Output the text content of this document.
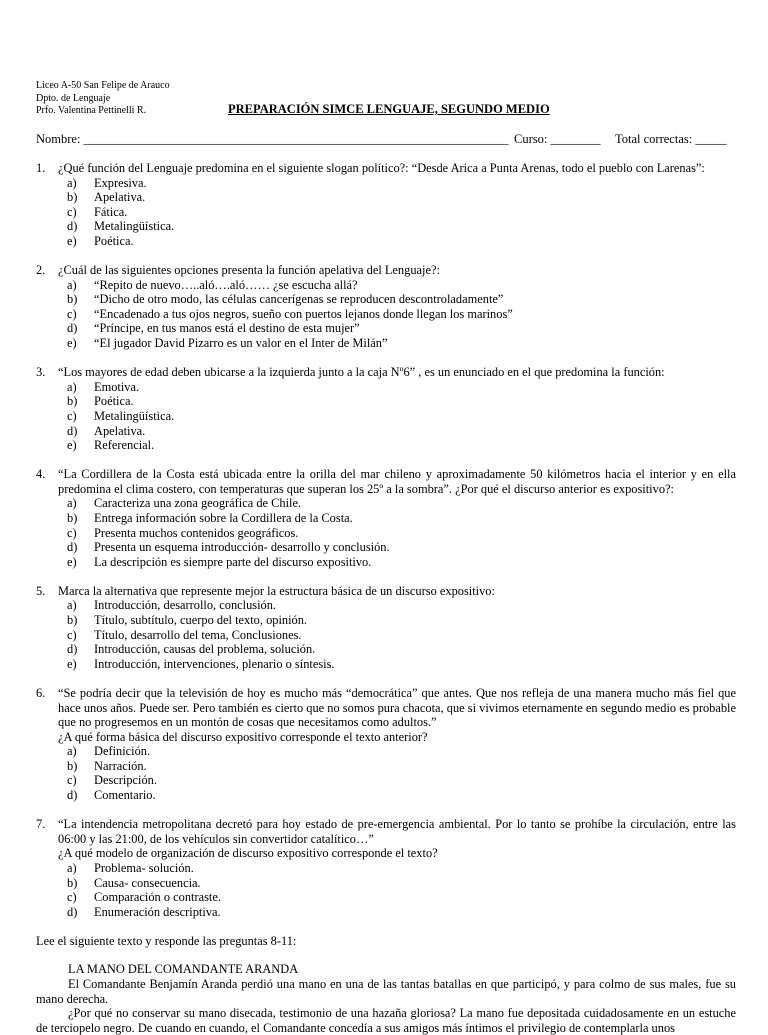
Liceo A-50 San Felipe de Arauco
Dpto. de Lenguaje
Prfo. Valentina Pettinelli R.	PREPARACIÓN SIMCE LENGUAJE, SEGUNDO MEDIO
Nombre: ____________________________________________________________________ Curso: ________ Total correctas: _____
1. ¿Qué función del Lenguaje predomina en el siguiente slogan político?: “Desde Arica a Punta Arenas, todo el pueblo con Larenas”:

a) Expresiva.
b) Apelativa.
c) Fática.
d) Metalingüística.
e) Poética.
2. ¿Cuál de las siguientes opciones presenta la función apelativa del Lenguaje?:

a) “Repito de nuevo…..aló….aló…… ¿se escucha allá?
b) “Dicho de otro modo, las células cancerígenas se reproducen descontroladamente”
c) “Encadenado a tus ojos negros, sueño con puertos lejanos donde llegan los marinos”
d) “Príncipe, en tus manos está el destino de esta mujer”
e) “El jugador David Pizarro es un valor en el Inter de Milán”
3. “Los mayores de edad deben ubicarse a la izquierda junto a la caja Nº6” , es un enunciado en el que predomina la función:

a) Emotiva.
b) Poética.
c) Metalingüística.
d) Apelativa.
e) Referencial.
4. “La Cordillera de la Costa está ubicada entre la orilla del mar chileno y aproximadamente 50 kilómetros hacia el interior y en ella predomina el clima costero, con temperaturas que superan los 25º a la sombra”. ¿Por qué el discurso anterior es expositivo?:

a) Caracteriza una zona geográfica de Chile.
b) Entrega información sobre la Cordillera de la Costa.
c) Presenta muchos contenidos geográficos.
d) Presenta un esquema introducción- desarrollo y conclusión.
e) La descripción es siempre parte del discurso expositivo.
5. Marca la alternativa que represente mejor la estructura básica de un discurso expositivo:

a) Introducción, desarrollo, conclusión.
b) Título, subtítulo, cuerpo del texto, opinión.
c) Título, desarrollo del tema, Conclusiones.
d) Introducción, causas del problema, solución.
e) Introducción, intervenciones, plenario o síntesis.
6. “Se podría decir que la televisión de hoy es mucho más “democrática” que antes. Que nos refleja de una manera mucho más fiel que hace unos años. Puede ser. Pero también es cierto que no somos pura chacota, que si vivimos eternamente en segundo medio es probable que no progresemos en un montón de cosas que necesitamos como adultos.”

¿A qué forma básica del discurso expositivo corresponde el texto anterior?

a) Definición.
b) Narración.
c) Descripción.
d) Comentario.
7. “La intendencia metropolitana decretó para hoy estado de pre-emergencia ambiental. Por lo tanto se prohíbe la circulación, entre las 06:00 y las 21:00, de los vehículos sin convertidor catalítico…”

¿A qué modelo de organización de discurso expositivo corresponde el texto?

a) Problema- solución.
b) Causa- consecuencia.
c) Comparación o contraste.
d) Enumeración descriptiva.

Lee el siguiente texto y responde las preguntas 8-11:

LA MANO DEL COMANDANTE ARANDA

El Comandante Benjamín Aranda perdió una mano en una de las tantas batallas en que participó, y para colmo de sus males, fue su mano derecha.

¿Por qué no conservar su mano disecada, testimonio de una hazaña gloriosa? La mano fue depositada cuidadosamente en un estuche de terciopelo negro. De cuando en cuando, el Comandante concedía a sus amigos más íntimos el privilegio de contemplarla unos
